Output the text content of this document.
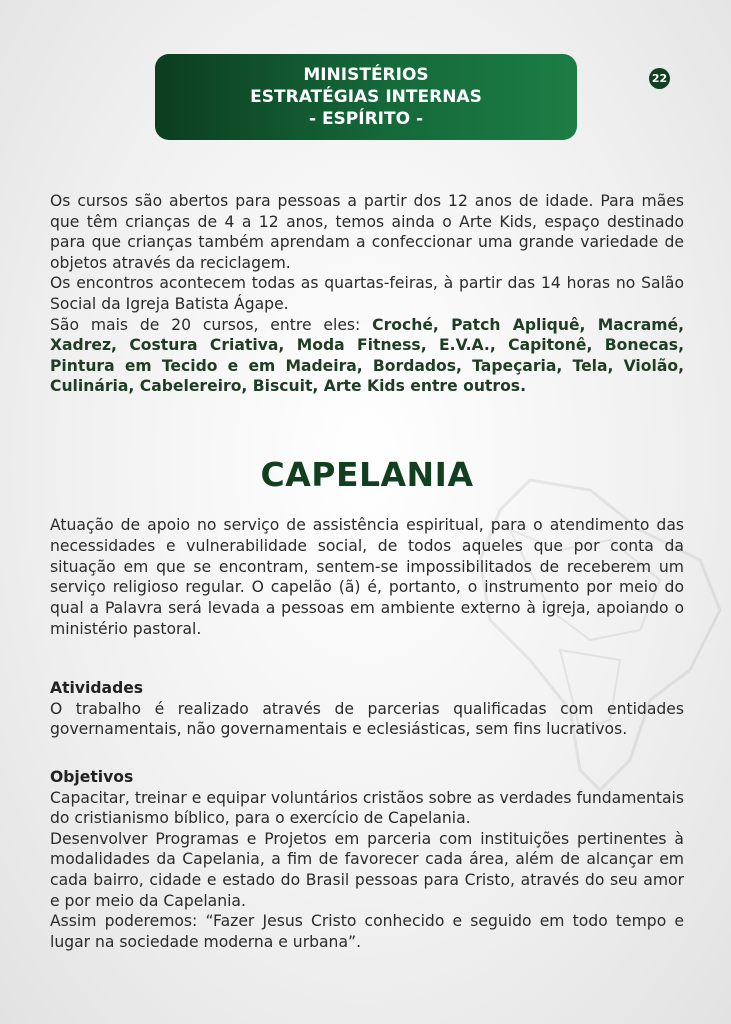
MINISTÉRIOS
ESTRATÉGIAS INTERNAS
- ESPÍRITO -
22

Os cursos são abertos para pessoas a partir dos 12 anos de idade. Para mães que têm crianças de 4 a 12 anos, temos ainda o Arte Kids, espaço destinado para que crianças também aprendam a confeccionar uma grande variedade de objetos através da reciclagem.

Os encontros acontecem todas as quartas-feiras, à partir das 14 horas no Salão Social da Igreja Batista Ágape.

São mais de 20 cursos, entre eles: Croché, Patch Apliquê, Macramé, Xadrez, Costura Criativa, Moda Fitness, E.V.A., Capitonê, Bonecas, Pintura em Tecido e em Madeira, Bordados, Tapeçaria, Tela, Violão, Culinária, Cabelereiro, Biscuit, Arte Kids entre outros.

CAPELANIA

Atuação de apoio no serviço de assistência espiritual, para o atendimento das necessidades e vulnerabilidade social, de todos aqueles que por conta da situação em que se encontram, sentem-se impossibilitados de receberem um serviço religioso regular. O capelão (ã) é, portanto, o instrumento por meio do qual a Palavra será levada a pessoas em ambiente externo à igreja, apoiando o ministério pastoral.

Atividades

O trabalho é realizado através de parcerias qualificadas com entidades governamentais, não governamentais e eclesiásticas, sem fins lucrativos.

Objetivos

Capacitar, treinar e equipar voluntários cristãos sobre as verdades fundamentais do cristianismo bíblico, para o exercício de Capelania.

Desenvolver Programas e Projetos em parceria com instituições pertinentes à modalidades da Capelania, a fim de favorecer cada área, além de alcançar em cada bairro, cidade e estado do Brasil pessoas para Cristo, através do seu amor e por meio da Capelania.

Assim poderemos: “Fazer Jesus Cristo conhecido e seguido em todo tempo e lugar na sociedade moderna e urbana”.
